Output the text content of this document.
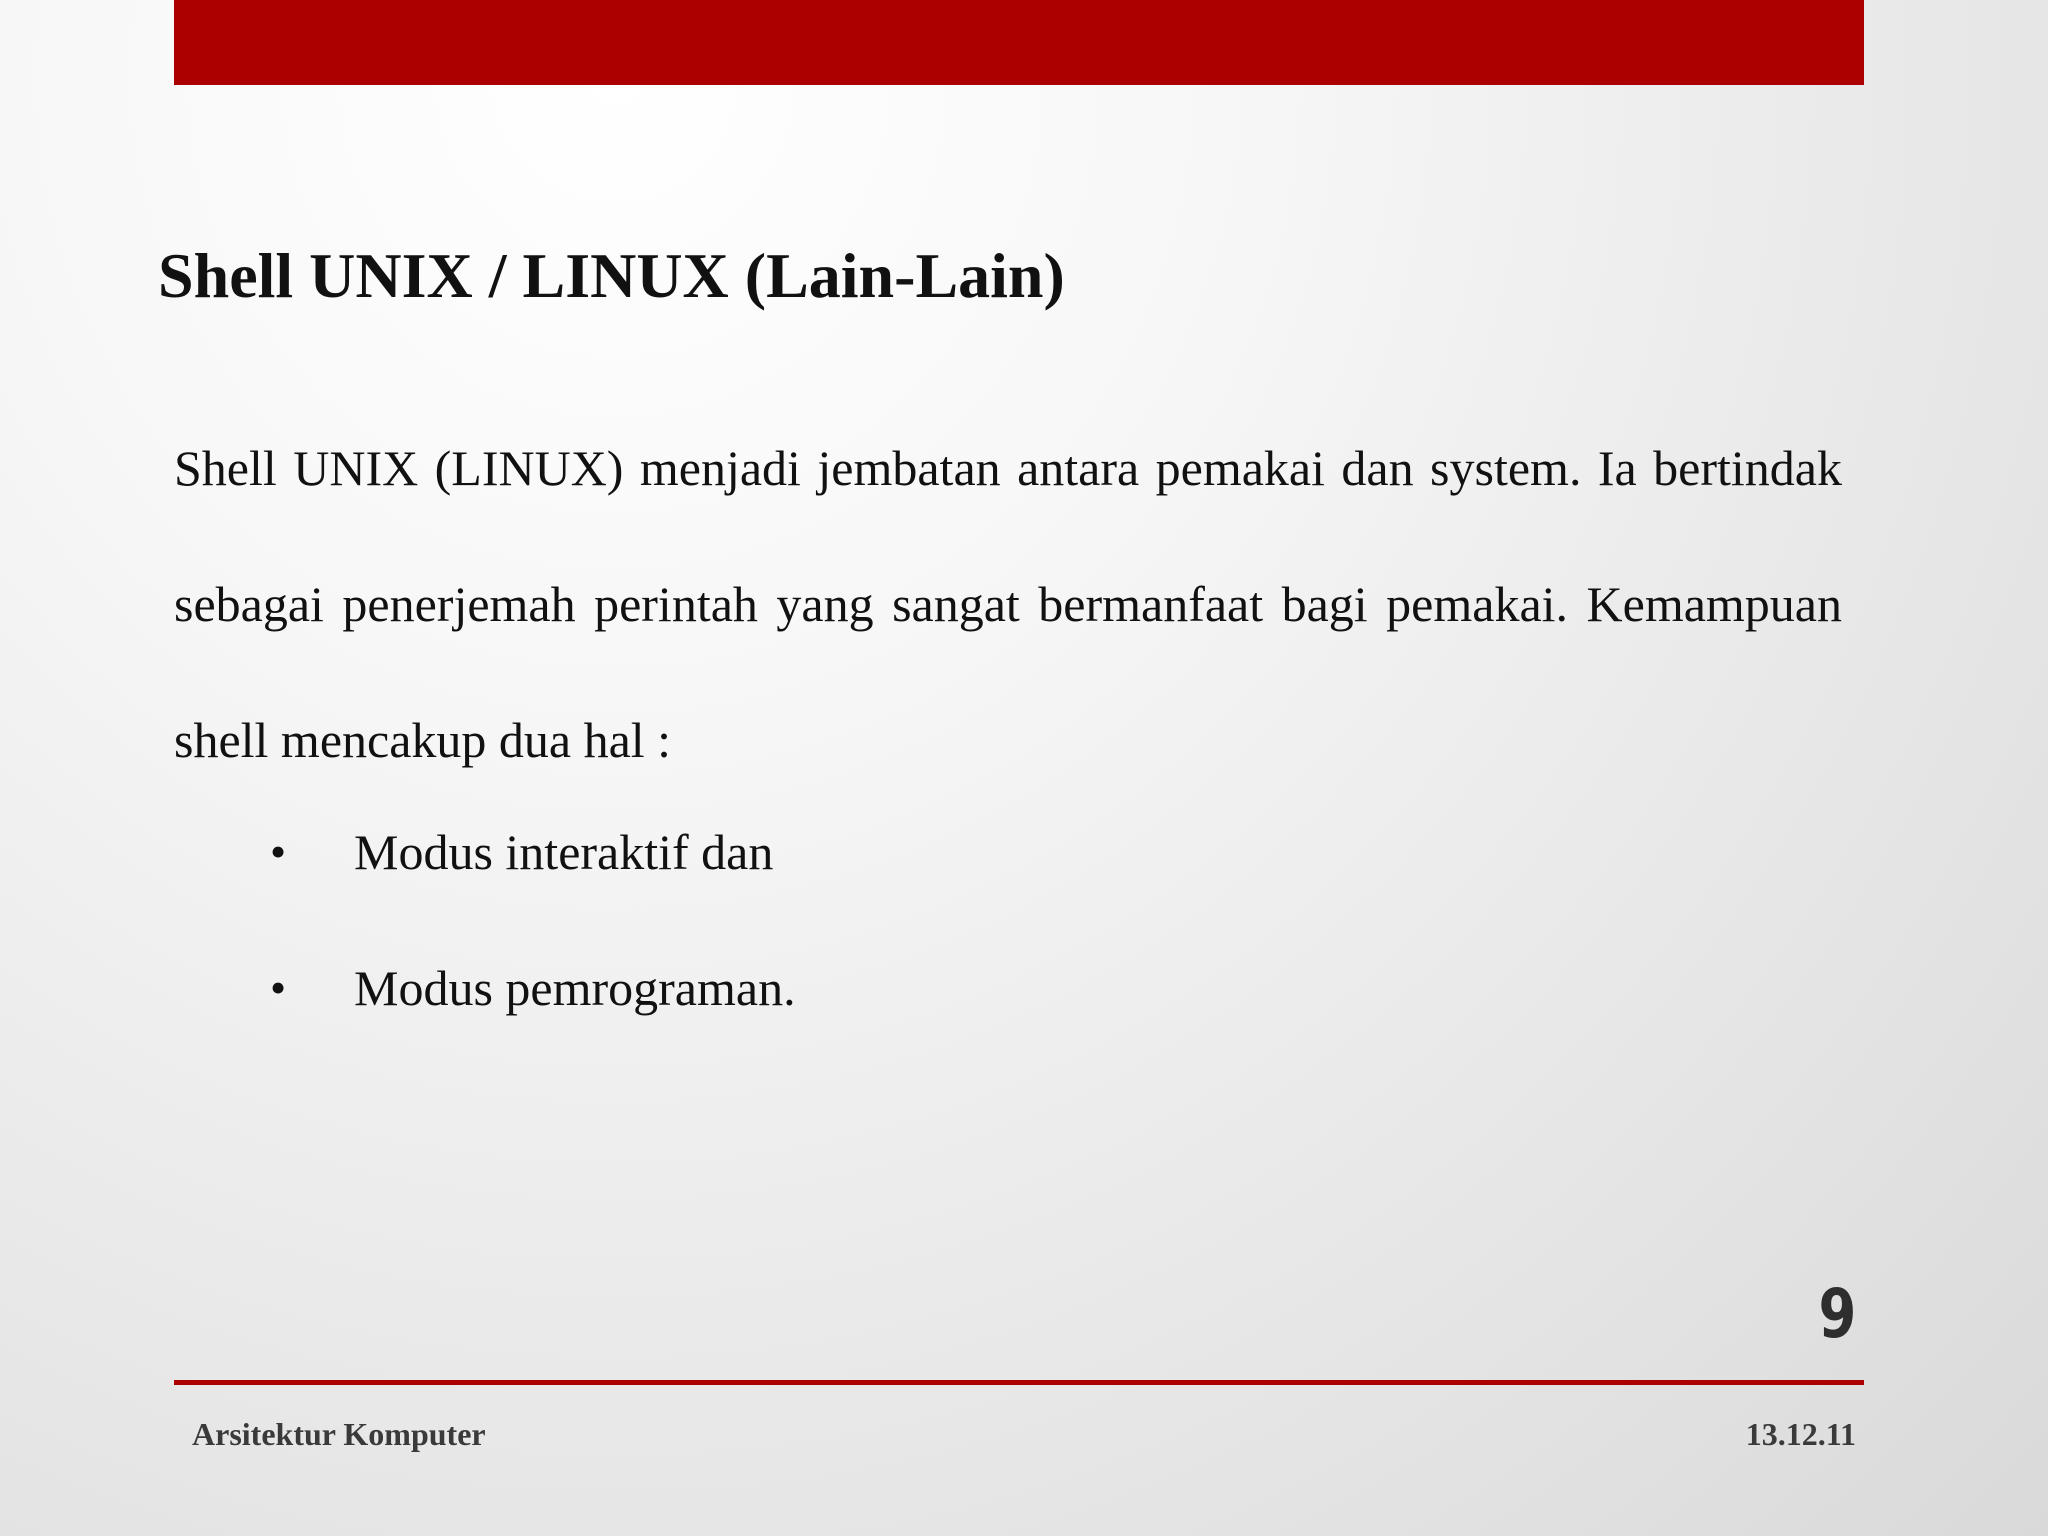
Shell UNIX / LINUX (Lain-Lain)

Shell UNIX (LINUX) menjadi jembatan antara pemakai dan system. Ia bertindak sebagai penerjemah perintah yang sangat bermanfaat bagi pemakai. Kemampuan shell mencakup dua hal :

•	Modus interaktif dan
•	Modus pemrograman.
9
Arsitektur Komputer	13.12.11
